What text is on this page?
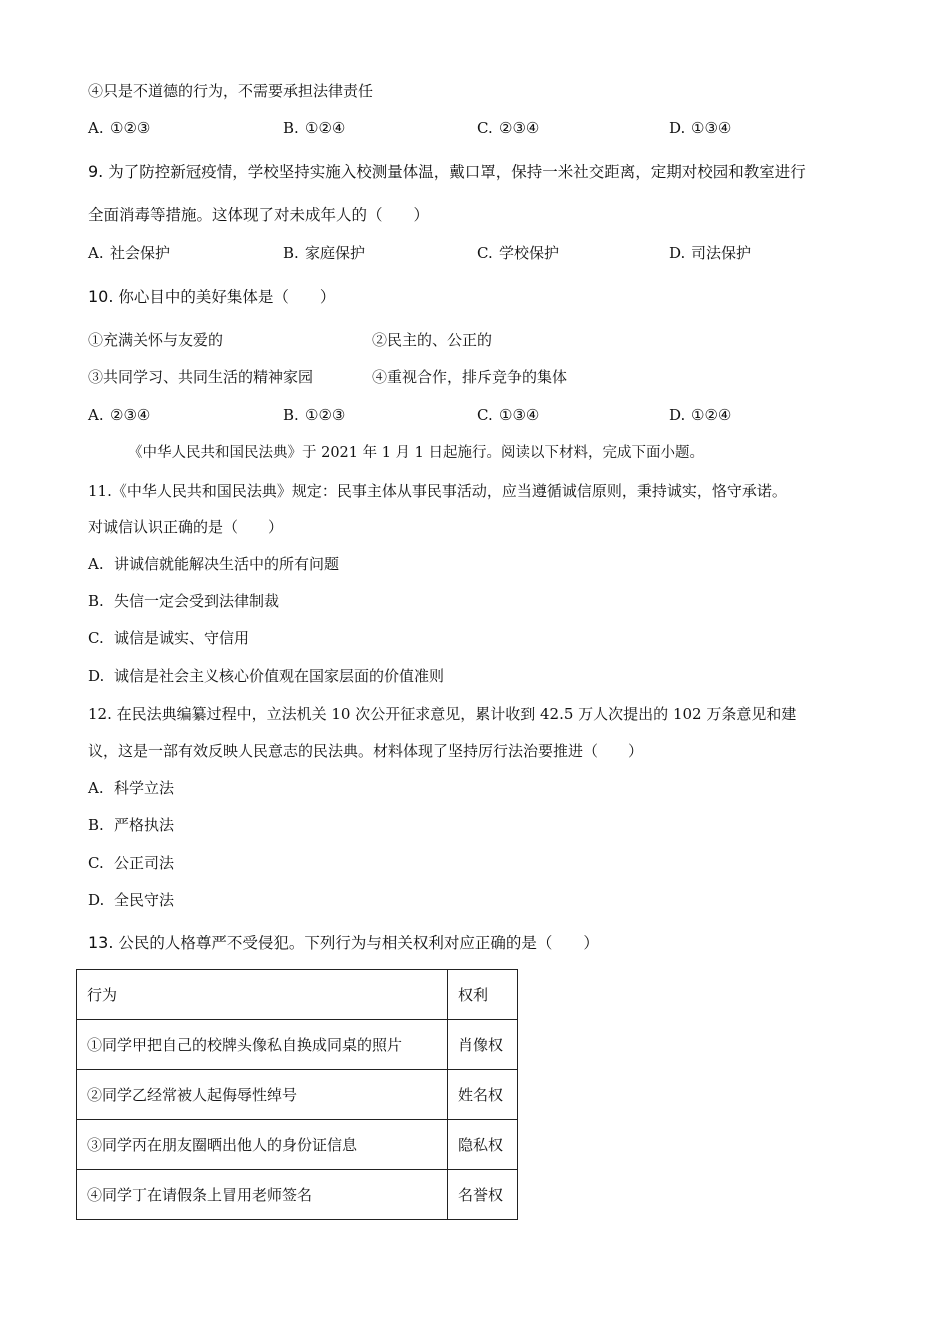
④只是不道德的行为，不需要承担法律责任
A. ①②③	B. ①②④	C. ②③④	D. ①③④
9. 为了防控新冠疫情，学校坚持实施入校测量体温，戴口罩，保持一米社交距离，定期对校园和教室进行
全面消毒等措施。这体现了对未成年人的（　　）
A. 社会保护	B. 家庭保护	C. 学校保护	D. 司法保护
10. 你心目中的美好集体是（　　）
①充满关怀与友爱的	②民主的、公正的
③共同学习、共同生活的精神家园	④重视合作，排斥竞争的集体
A. ②③④	B. ①②③	C. ①③④	D. ①②④
《中华人民共和国民法典》于 2021 年 1 月 1 日起施行。阅读以下材料，完成下面小题。
11.《中华人民共和国民法典》规定：民事主体从事民事活动，应当遵循诚信原则，秉持诚实，恪守承诺。
对诚信认识正确的是（　　）
A. 讲诚信就能解决生活中的所有问题
B. 失信一定会受到法律制裁
C. 诚信是诚实、守信用
D. 诚信是社会主义核心价值观在国家层面的价值准则
12. 在民法典编纂过程中，立法机关 10 次公开征求意见，累计收到 42.5 万人次提出的 102 万条意见和建
议，这是一部有效反映人民意志的民法典。材料体现了坚持厉行法治要推进（　　）
A. 科学立法
B. 严格执法
C. 公正司法
D. 全民守法
13. 公民的人格尊严不受侵犯。下列行为与相关权利对应正确的是（　　）
行为	权利
①同学甲把自己的校牌头像私自换成同桌的照片	肖像权
②同学乙经常被人起侮辱性绰号	姓名权
③同学丙在朋友圈晒出他人的身份证信息	隐私权
④同学丁在请假条上冒用老师签名	名誉权
